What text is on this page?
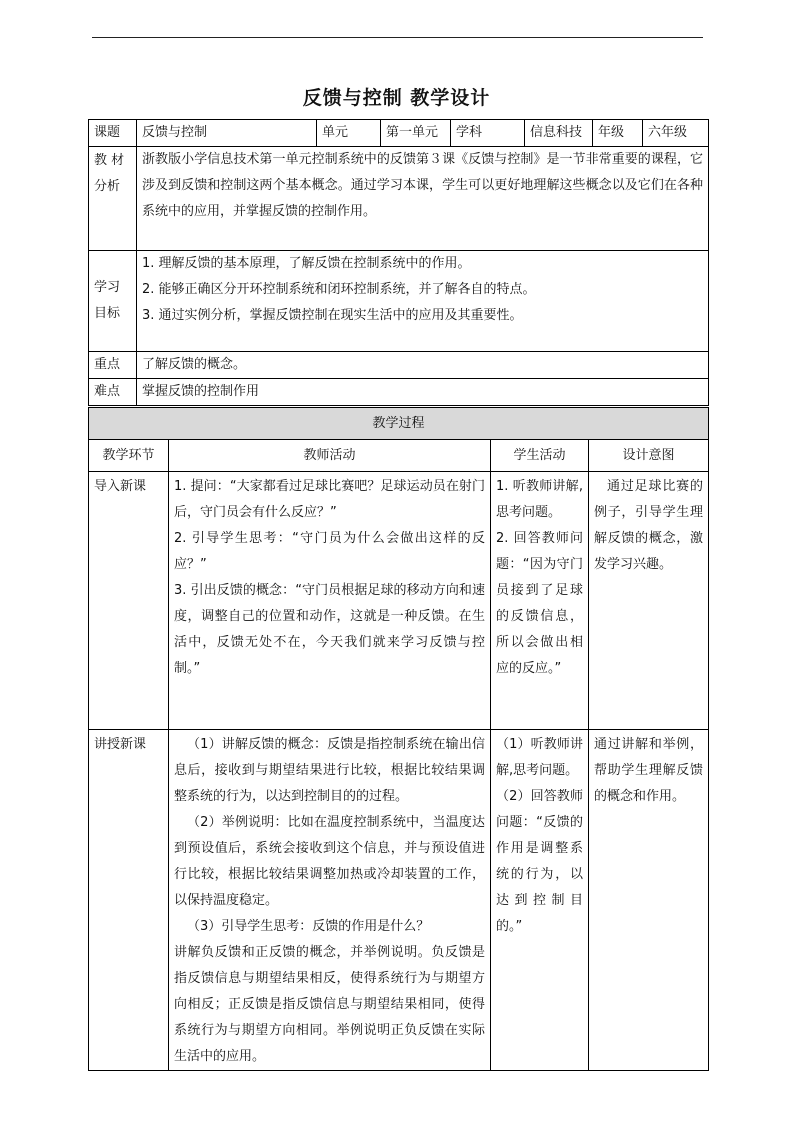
反馈与控制 教学设计
课题	反馈与控制	单元	第一单元	学科	信息科技	年级	六年级

教 材
分析	浙教版小学信息技术第一单元控制系统中的反馈第３课《反馈与控制》是一节非常重要的课程，它涉及到反馈和控制这两个基本概念。通过学习本课，学生可以更好地理解这些概念以及它们在各种系统中的应用，并掌握反馈的控制作用。						

学习
目标	1. 理解反馈的基本原理，了解反馈在控制系统中的作用。
2. 能够正确区分开环控制系统和闭环控制系统，并了解各自的特点。
3. 通过实例分析，掌握反馈控制在现实生活中的应用及其重要性。						

重点	了解反馈的概念。						
难点	掌握反馈的控制作用						
教学过程			
教学环节	教师活动	学生活动	设计意图
导入新课	1. 提问：“大家都看过足球比赛吧？足球运动员在射门后，守门员会有什么反应？”
2. 引导学生思考：“守门员为什么会做出这样的反应？”
3. 引出反馈的概念：“守门员根据足球的移动方向和速度，调整自己的位置和动作，这就是一种反馈。在生活中，反馈无处不在，今天我们就来学习反馈与控制。”	1. 听教师讲解,思考问题。
2. 回答教师问题：“因为守门员接到了足球的反馈信息，所以会做出相应的反应。”	通过足球比赛的例子，引导学生理解反馈的概念，激发学习兴趣。

讲授新课	（1）讲解反馈的概念：反馈是指控制系统在输出信息后，接收到与期望结果进行比较，根据比较结果调整系统的行为，以达到控制目的的过程。
（2）举例说明：比如在温度控制系统中，当温度达到预设值后，系统会接收到这个信息，并与预设值进行比较，根据比较结果调整加热或冷却装置的工作，以保持温度稳定。
（3）引导学生思考：反馈的作用是什么？
讲解负反馈和正反馈的概念，并举例说明。负反馈是指反馈信息与期望结果相反，使得系统行为与期望方向相反；正反馈是指反馈信息与期望结果相同，使得系统行为与期望方向相同。举例说明正负反馈在实际生活中的应用。	（1）听教师讲解,思考问题。
（2）回答教师问题：“反馈的作用是调整系统的行为，以达到控制目的。”	通过讲解和举例，帮助学生理解反馈的概念和作用。
